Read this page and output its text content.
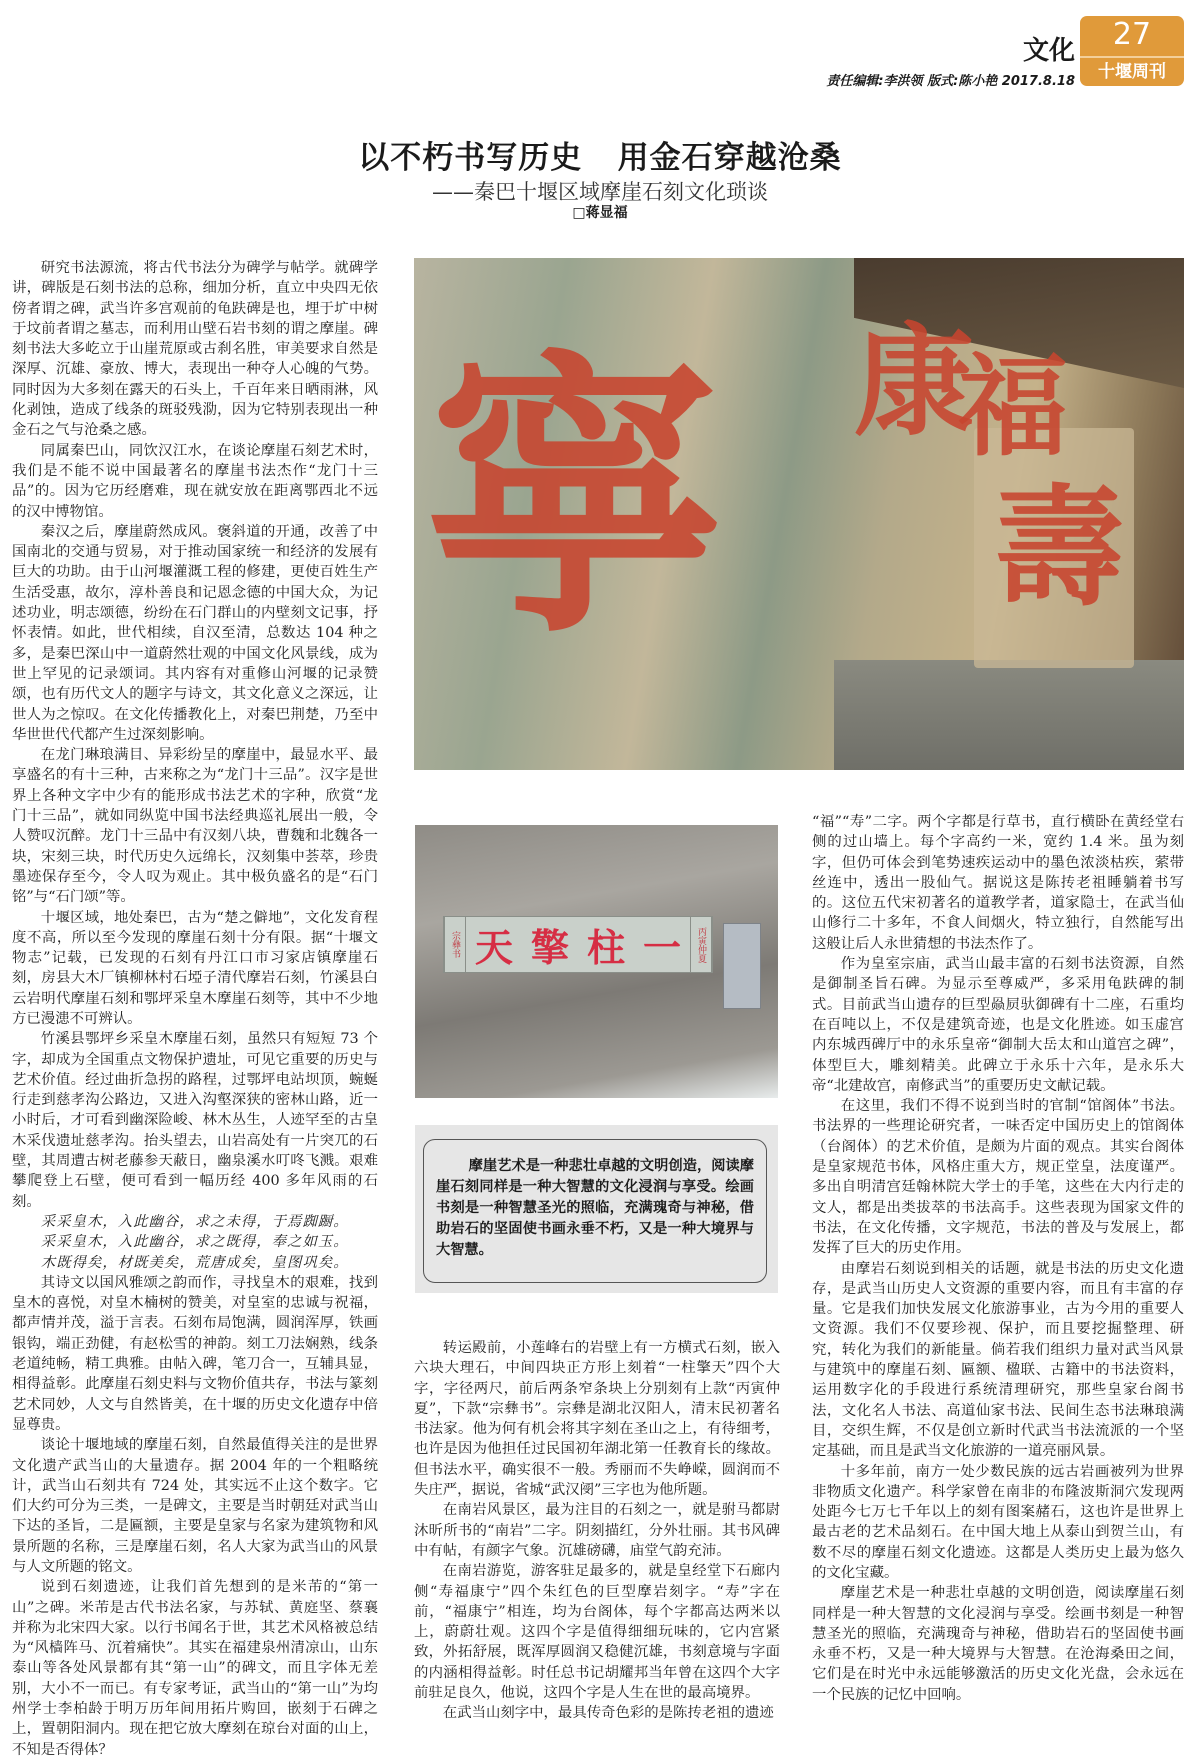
文化
责任编辑:李洪领 版式:陈小艳 2017.8.18
27
十堰周刊
以不朽书写历史   用金石穿越沧桑
——秦巴十堰区域摩崖石刻文化琐谈
□蒋显福

研究书法源流，将古代书法分为碑学与帖学。就碑学讲，碑版是石刻书法的总称，细加分析，直立中央四无依傍者谓之碑，武当许多宫观前的龟趺碑是也，埋于圹中树于坟前者谓之墓志，而利用山壁石岩书刻的谓之摩崖。碑刻书法大多屹立于山崖荒原或古刹名胜，审美要求自然是深厚、沉雄、豪放、博大，表现出一种夺人心魄的气势。同时因为大多刻在露天的石头上，千百年来日晒雨淋，风化剥蚀，造成了线条的斑驳残泐，因为它特别表现出一种金石之气与沧桑之感。

同属秦巴山，同饮汉江水，在谈论摩崖石刻艺术时，我们是不能不说中国最著名的摩崖书法杰作“龙门十三品”的。因为它历经磨难，现在就安放在距离鄂西北不远的汉中博物馆。

秦汉之后，摩崖蔚然成风。褒斜道的开通，改善了中国南北的交通与贸易，对于推动国家统一和经济的发展有巨大的功助。由于山河堰灌溉工程的修建，更使百姓生产生活受惠，故尔，淳朴善良和记恩念德的中国大众，为记述功业，明志颂德，纷纷在石门群山的内壁刻文记事，抒怀表情。如此，世代相续，自汉至清，总数达 104 种之多，是秦巴深山中一道蔚然壮观的中国文化风景线，成为世上罕见的记录颂词。其内容有对重修山河堰的记录赞颂，也有历代文人的题字与诗文，其文化意义之深远，让世人为之惊叹。在文化传播教化上，对秦巴荆楚，乃至中华世世代代都产生过深刻影响。

在龙门琳琅满目、异彩纷呈的摩崖中，最显水平、最享盛名的有十三种，古来称之为“龙门十三品”。汉字是世界上各种文字中少有的能形成书法艺术的字种，欣赏“龙门十三品”，就如同纵览中国书法经典巡礼展出一般，令人赞叹沉醉。龙门十三品中有汉刻八块，曹魏和北魏各一块，宋刻三块，时代历史久远绵长，汉刻集中荟萃，珍贵墨迹保存至今，令人叹为观止。其中极负盛名的是“石门铭”与“石门颂”等。

十堰区域，地处秦巴，古为“楚之僻地”，文化发育程度不高，所以至今发现的摩崖石刻十分有限。据“十堰文物志”记载，已发现的石刻有丹江口市习家店镇摩崖石刻，房县大木厂镇柳林村石埡子清代摩岩石刻，竹溪县白云岩明代摩崖石刻和鄂坪采皇木摩崖石刻等，其中不少地方已漫漶不可辨认。

竹溪县鄂坪乡采皇木摩崖石刻，虽然只有短短 73 个字，却成为全国重点文物保护遗址，可见它重要的历史与艺术价值。经过曲折急拐的路程，过鄂坪电站坝顶，蜿蜒行走到慈孝沟公路边，又进入沟壑深狭的密林山路，近一小时后，才可看到幽深险峻、林木丛生，人迹罕至的古皇木采伐遗址慈孝沟。抬头望去，山岩高处有一片突兀的石壁，其周遭古树老藤参天蔽日，幽泉溪水叮咚飞溅。艰难攀爬登上石壁，便可看到一幅历经 400 多年风雨的石刻。

采采皇木，入此幽谷，求之未得，于焉踟蹰。

采采皇木，入此幽谷，求之既得，奉之如玉。

木既得矣，材既美矣，荒唐成矣，皇图巩矣。

其诗文以国风雅颂之韵而作，寻找皇木的艰难，找到皇木的喜悦，对皇木楠树的赞美，对皇室的忠诚与祝福，都声情并茂，溢于言表。石刻布局饱满，圆润浑厚，铁画银钩，端正劲健，有赵松雪的神韵。刻工刀法娴熟，线条老道纯畅，精工典雅。由帖入碑，笔刀合一，互辅具显，相得益彰。此摩崖石刻史料与文物价值共存，书法与篆刻艺术同妙，人文与自然皆美，在十堰的历史文化遗存中倍显尊贵。

谈论十堰地域的摩崖石刻，自然最值得关注的是世界文化遗产武当山的大量遗存。据 2004 年的一个粗略统计，武当山石刻共有 724 处，其实远不止这个数字。它们大约可分为三类，一是碑文，主要是当时朝廷对武当山下达的圣旨，二是匾额，主要是皇家与名家为建筑物和风景所题的名称，三是摩崖石刻，名人大家为武当山的风景与人文所题的铭文。

说到石刻遗迹，让我们首先想到的是米芾的“第一山”之碑。米芾是古代书法名家，与苏轼、黄庭坚、蔡襄并称为北宋四大家。以行书闻名于世，其艺术风格被总结为“风樯阵马、沉着痛快”。其实在福建泉州清凉山，山东泰山等各处风景都有其“第一山”的碑文，而且字体无差别，大小不一而已。有专家考证，武当山的“第一山”为均州学士李柏龄于明万历年间用拓片购回，嵌刻于石碑之上，置朝阳洞内。现在把它放大摩刻在琼台对面的山上，不知是否得体？

寧 康
福
壽
宗彝书 天 擎 柱 一	丙寅仲夏

摩崖艺术是一种悲壮卓越的文明创造，阅读摩崖石刻同样是一种大智慧的文化浸润与享受。绘画书刻是一种智慧圣光的照临，充满瑰奇与神秘，借助岩石的坚固使书画永垂不朽，又是一种大境界与大智慧。

转运殿前，小莲峰右的岩壁上有一方横式石刻，嵌入六块大理石，中间四块正方形上刻着“一柱擎天”四个大字，字径两尺，前后两条窄条块上分别刻有上款“丙寅仲夏”，下款“宗彝书”。宗彝是湖北汉阳人，清末民初著名书法家。他为何有机会将其字刻在圣山之上，有待细考，也许是因为他担任过民国初年湖北第一任教育长的缘故。但书法水平，确实很不一般。秀丽而不失峥嵘，圆润而不失庄严，据说，省城“武汉阌”三字也为他所题。

在南岩风景区，最为注目的石刻之一，就是驸马都尉沐昕所书的“南岩”二字。阴刻描红，分外壮丽。其书风碑中有帖，有颜字气象。沉雄磅礴，庙堂气韵充沛。

在南岩游览，游客驻足最多的，就是皇经堂下石廊内侧“寿福康宁”四个朱红色的巨型摩岩刻字。“寿”字在前，“福康宁”相连，均为台阁体，每个字都高达两米以上，蔚蔚壮观。这四个字是值得细细玩味的，它内宫紧致，外拓舒展，既浑厚圆润又稳健沉雄，书刻意境与字面的内涵相得益彰。时任总书记胡耀邦当年曾在这四个大字前驻足良久，他说，这四个字是人生在世的最高境界。

在武当山刻字中，最具传奇色彩的是陈抟老祖的遗迹

“福”“寿”二字。两个字都是行草书，直行横卧在黄经堂右侧的过山墙上。每个字高约一米，宽约 1.4 米。虽为刻字，但仍可体会到笔势速疾运动中的墨色浓淡枯疾，萦带丝连中，透出一股仙气。据说这是陈抟老祖睡躺着书写的。这位五代宋初著名的道教学者，道家隐士，在武当仙山修行二十多年，不食人间烟火，特立独行，自然能写出这般让后人永世猜想的书法杰作了。

作为皇室宗庙，武当山最丰富的石刻书法资源，自然是御制圣旨石碑。为显示至尊威严，多采用龟趺碑的制式。目前武当山遗存的巨型赑屃驮御碑有十二座，石重均在百吨以上，不仅是建筑奇迹，也是文化胜迹。如玉虚宫内东城西碑厅中的永乐皇帝“御制大岳太和山道宫之碑”，体型巨大，雕刻精美。此碑立于永乐十六年，是永乐大帝“北建故宫，南修武当”的重要历史文献记载。

在这里，我们不得不说到当时的官制“馆阁体”书法。书法界的一些理论研究者，一味否定中国历史上的馆阁体（台阁体）的艺术价值，是颇为片面的观点。其实台阁体是皇家规范书体，风格庄重大方，规正堂皇，法度谨严。多出自明清宫廷翰林院大学士的手笔，这些在大内行走的文人，都是出类拔萃的书法高手。这些表现为国家文件的书法，在文化传播，文字规范，书法的普及与发展上，都发挥了巨大的历史作用。

由摩岩石刻说到相关的话题，就是书法的历史文化遗存，是武当山历史人文资源的重要内容，而且有丰富的存量。它是我们加快发展文化旅游事业，古为今用的重要人文资源。我们不仅要珍视、保护，而且要挖掘整理、研究，转化为我们的新能量。倘若我们组织力量对武当风景与建筑中的摩崖石刻、匾额、楹联、古籍中的书法资料，运用数字化的手段进行系统清理研究，那些皇家台阁书法，文化名人书法、高道仙家书法、民间生态书法琳琅满目，交织生辉，不仅是创立新时代武当书法流派的一个坚定基础，而且是武当文化旅游的一道亮丽风景。

十多年前，南方一处少数民族的远古岩画被列为世界非物质文化遗产。科学家曾在南非的布隆波斯洞穴发现两处距今七万七千年以上的刻有图案赭石，这也许是世界上最古老的艺术品刻石。在中国大地上从泰山到贺兰山，有数不尽的摩崖石刻文化遗迹。这都是人类历史上最为悠久的文化宝藏。

摩崖艺术是一种悲壮卓越的文明创造，阅读摩崖石刻同样是一种大智慧的文化浸润与享受。绘画书刻是一种智慧圣光的照临，充满瑰奇与神秘，借助岩石的坚固使书画永垂不朽，又是一种大境界与大智慧。在沧海桑田之间，它们是在时光中永远能够激活的历史文化光盘，会永远在一个民族的记忆中回响。
